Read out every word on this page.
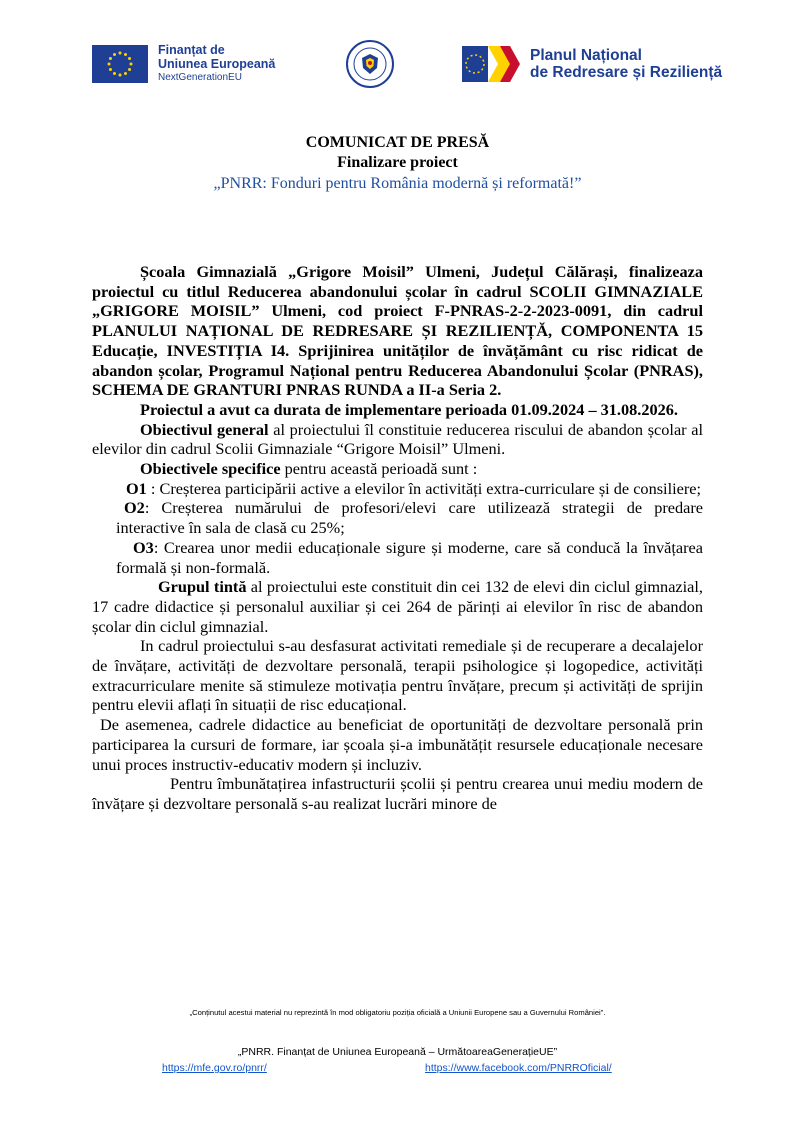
Finanțat de
Uniunea Europeană
NextGenerationEU
Planul Național
de Redresare și Reziliență
COMUNICAT DE PRESĂ
Finalizare proiect
„PNRR: Fonduri pentru România modernă și reformată!”

Școala Gimnazială „Grigore Moisil” Ulmeni, Județul Călărași, finalizeaza proiectul cu titlul Reducerea abandonului școlar în cadrul SCOLII GIMNAZIALE „GRIGORE MOISIL” Ulmeni, cod proiect F-PNRAS-2-2-2023-0091, din cadrul PLANULUI NAȚIONAL DE REDRESARE ȘI REZILIENȚĂ, COMPONENTA 15 Educație, INVESTIȚIA I4. Sprijinirea unităților de învățământ cu risc ridicat de abandon școlar, Programul Național pentru Reducerea Abandonului Școlar (PNRAS), SCHEMA DE GRANTURI PNRAS RUNDA a II-a Seria 2.

Proiectul a avut ca durata de implementare perioada 01.09.2024 – 31.08.2026.

Obiectivul general al proiectului îl constituie reducerea riscului de abandon școlar al elevilor din cadrul Scolii Gimnaziale “Grigore Moisil” Ulmeni.

Obiectivele specifice pentru această perioadă sunt :

O1 : Creșterea participării active a elevilor în activități extra-curriculare și de consiliere;

O2: Creșterea numărului de profesori/elevi care utilizează strategii de predare interactive în sala de clasă cu 25%;

O3: Crearea unor medii educaționale sigure și moderne, care să conducă la învățarea formală și non-formală.

Grupul tintă al proiectului este constituit din cei 132 de elevi din ciclul gimnazial, 17 cadre didactice și personalul auxiliar și cei 264 de părinți ai elevilor în risc de abandon școlar din ciclul gimnazial.

In cadrul proiectului s-au desfasurat activitati remediale și de recuperare a decalajelor de învățare, activități de dezvoltare personală, terapii psihologice și logopedice, activități extracurriculare menite să stimuleze motivația pentru învățare, precum și activități de sprijin pentru elevii aflați în situații de risc educațional.

De asemenea, cadrele didactice au beneficiat de oportunități de dezvoltare personală prin participarea la cursuri de formare, iar școala și-a imbunătățit resursele educaționale necesare unui proces instructiv-educativ modern și incluziv.

Pentru îmbunătațirea infastructurii școlii și pentru crearea unui mediu modern de învățare și dezvoltare personală s-au realizat lucrări minore de

„Conținutul acestui material nu reprezintă în mod obligatoriu poziția oficială a Uniunii Europene sau a Guvernului României”.
„PNRR. Finanțat de Uniunea Europeană – UrmătoareaGenerațieUE”
https://mfe.gov.ro/pnrr/	https://www.facebook.com/PNRROficial/
